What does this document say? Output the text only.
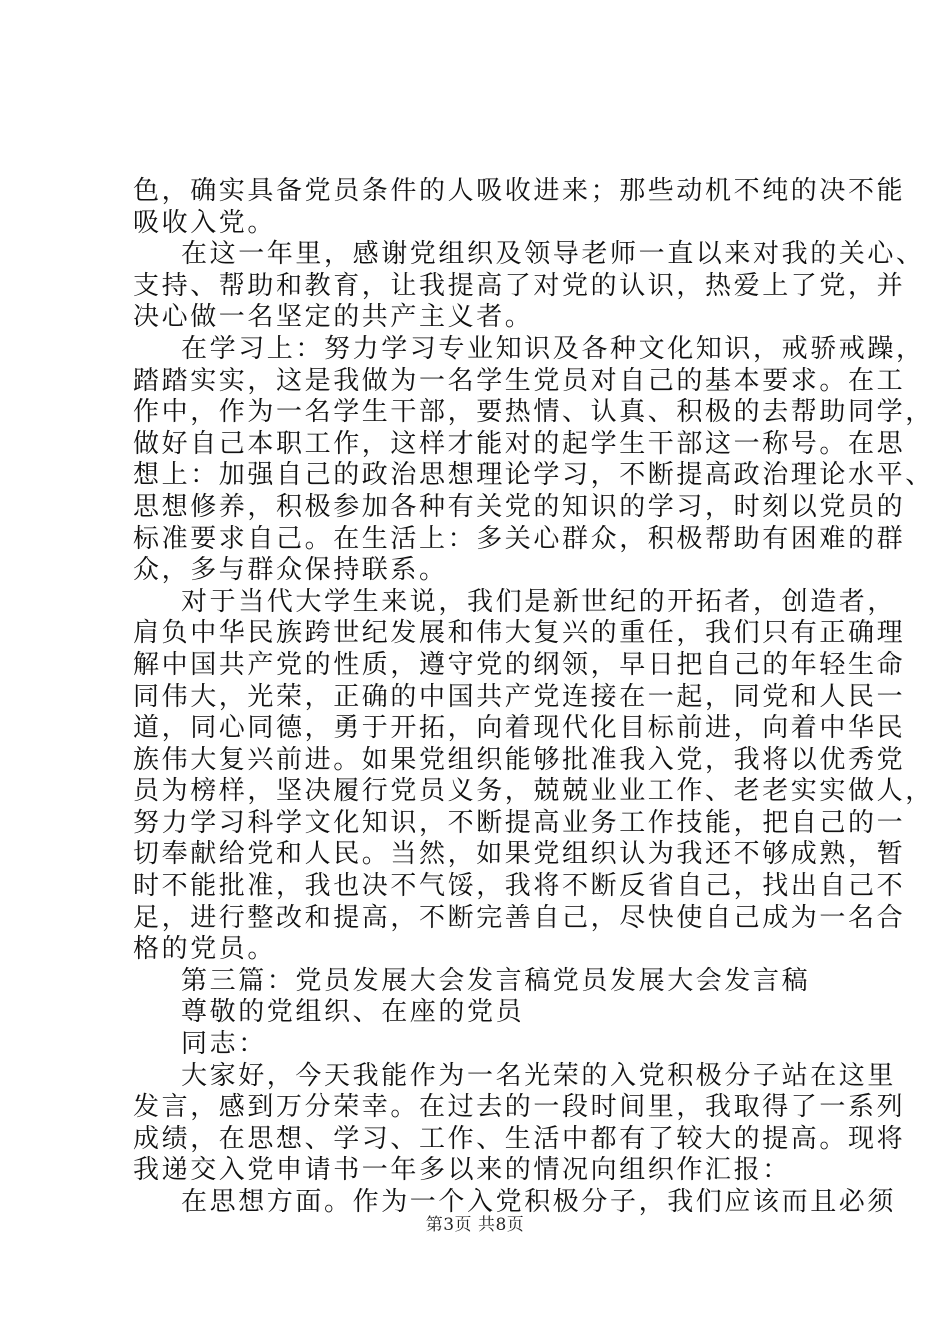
色，确实具备党员条件的人吸收进来；那些动机不纯的决不能
吸收入党。
在这一年里，感谢党组织及领导老师一直以来对我的关心、
支持、帮助和教育，让我提高了对党的认识，热爱上了党，并
决心做一名坚定的共产主义者。
在学习上：努力学习专业知识及各种文化知识，戒骄戒躁，
踏踏实实，这是我做为一名学生党员对自己的基本要求。在工
作中，作为一名学生干部，要热情、认真、积极的去帮助同学，
做好自己本职工作，这样才能对的起学生干部这一称号。在思
想上：加强自己的政治思想理论学习，不断提高政治理论水平、
思想修养，积极参加各种有关党的知识的学习，时刻以党员的
标准要求自己。在生活上：多关心群众，积极帮助有困难的群
众，多与群众保持联系。
对于当代大学生来说，我们是新世纪的开拓者，创造者，
肩负中华民族跨世纪发展和伟大复兴的重任，我们只有正确理
解中国共产党的性质，遵守党的纲领，早日把自己的年轻生命
同伟大，光荣，正确的中国共产党连接在一起，同党和人民一
道，同心同德，勇于开拓，向着现代化目标前进，向着中华民
族伟大复兴前进。如果党组织能够批准我入党，我将以优秀党
员为榜样，坚决履行党员义务，兢兢业业工作、老老实实做人，
努力学习科学文化知识，不断提高业务工作技能，把自己的一
切奉献给党和人民。当然，如果党组织认为我还不够成熟，暂
时不能批准，我也决不气馁，我将不断反省自己，找出自己不
足，进行整改和提高，不断完善自己，尽快使自己成为一名合
格的党员。
第三篇：党员发展大会发言稿党员发展大会发言稿
尊敬的党组织、在座的党员
同志：
大家好，今天我能作为一名光荣的入党积极分子站在这里
发言，感到万分荣幸。在过去的一段时间里，我取得了一系列
成绩，在思想、学习、工作、生活中都有了较大的提高。现将
我递交入党申请书一年多以来的情况向组织作汇报：
在思想方面。作为一个入党积极分子，我们应该而且必须
第3页 共8页
